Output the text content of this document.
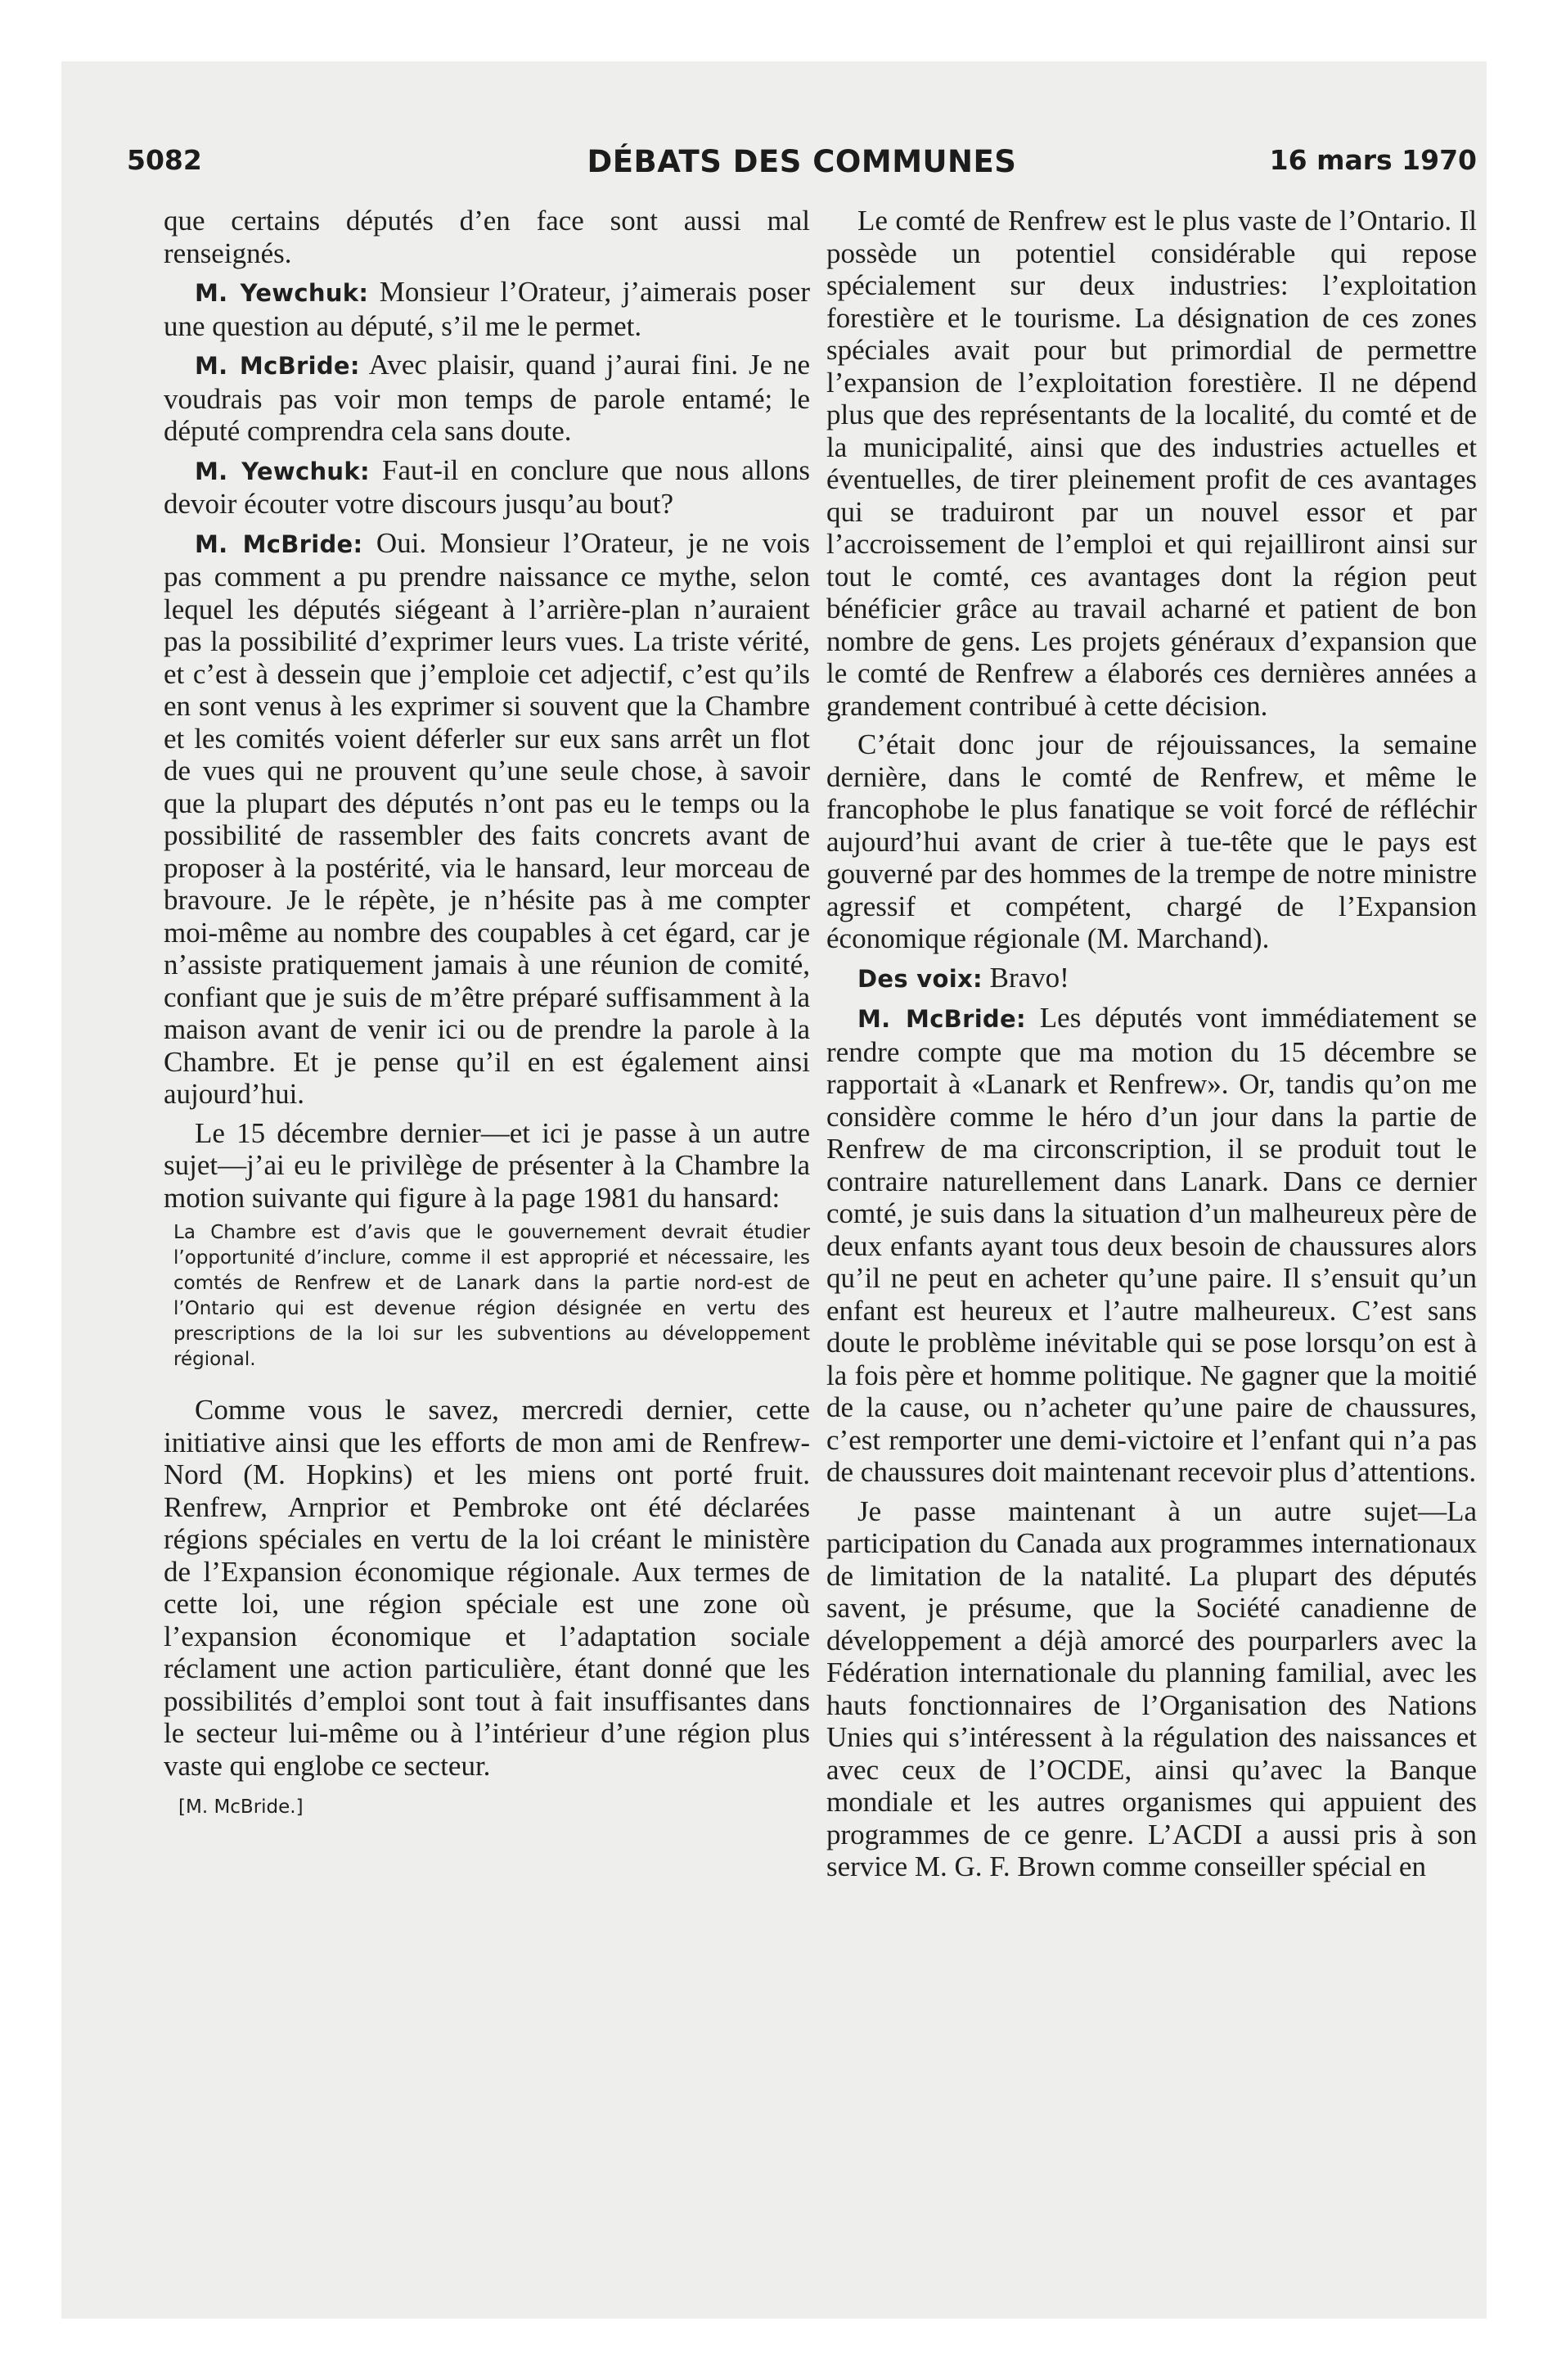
5082	DÉBATS DES COMMUNES	16 mars 1970

que certains députés d’en face sont aussi mal renseignés.

M. Yewchuk: Monsieur l’Orateur, j’aimerais poser une question au député, s’il me le permet.

M. McBride: Avec plaisir, quand j’aurai fini. Je ne voudrais pas voir mon temps de parole entamé; le député comprendra cela sans doute.

M. Yewchuk: Faut-il en conclure que nous allons devoir écouter votre discours jusqu’au bout?

M. McBride: Oui. Monsieur l’Orateur, je ne vois pas comment a pu prendre naissance ce mythe, selon lequel les députés siégeant à l’arrière-plan n’auraient pas la possibilité d’exprimer leurs vues. La triste vérité, et c’est à dessein que j’emploie cet adjectif, c’est qu’ils en sont venus à les exprimer si souvent que la Chambre et les comités voient déferler sur eux sans arrêt un flot de vues qui ne prouvent qu’une seule chose, à savoir que la plupart des députés n’ont pas eu le temps ou la possibilité de rassembler des faits concrets avant de proposer à la postérité, via le hansard, leur morceau de bravoure. Je le répète, je n’hésite pas à me compter moi-même au nombre des coupables à cet égard, car je n’assiste pratiquement jamais à une réunion de comité, confiant que je suis de m’être préparé suffisamment à la maison avant de venir ici ou de prendre la parole à la Chambre. Et je pense qu’il en est également ainsi aujourd’hui.

Le 15 décembre dernier—et ici je passe à un autre sujet—j’ai eu le privilège de présenter à la Chambre la motion suivante qui figure à la page 1981 du hansard:

La Chambre est d’avis que le gouvernement devrait étudier l’opportunité d’inclure, comme il est approprié et nécessaire, les comtés de Renfrew et de Lanark dans la partie nord-est de l’Ontario qui est devenue région désignée en vertu des prescriptions de la loi sur les subventions au développement régional.

Comme vous le savez, mercredi dernier, cette initiative ainsi que les efforts de mon ami de Renfrew-Nord (M. Hopkins) et les miens ont porté fruit. Renfrew, Arnprior et Pembroke ont été déclarées régions spéciales en vertu de la loi créant le ministère de l’Expansion économique régionale. Aux termes de cette loi, une région spéciale est une zone où l’expansion économique et l’adaptation sociale réclament une action particulière, étant donné que les possibilités d’emploi sont tout à fait insuffisantes dans le secteur lui-même ou à l’intérieur d’une région plus vaste qui englobe ce secteur.

[M. McBride.]

Le comté de Renfrew est le plus vaste de l’Ontario. Il possède un potentiel considérable qui repose spécialement sur deux industries: l’exploitation forestière et le tourisme. La désignation de ces zones spéciales avait pour but primordial de permettre l’expansion de l’exploitation forestière. Il ne dépend plus que des représentants de la localité, du comté et de la municipalité, ainsi que des industries actuelles et éventuelles, de tirer pleinement profit de ces avantages qui se traduiront par un nouvel essor et par l’accroissement de l’emploi et qui rejailliront ainsi sur tout le comté, ces avantages dont la région peut bénéficier grâce au travail acharné et patient de bon nombre de gens. Les projets généraux d’expansion que le comté de Renfrew a élaborés ces dernières années a grandement contribué à cette décision.

C’était donc jour de réjouissances, la semaine dernière, dans le comté de Renfrew, et même le francophobe le plus fanatique se voit forcé de réfléchir aujourd’hui avant de crier à tue-tête que le pays est gouverné par des hommes de la trempe de notre ministre agressif et compétent, chargé de l’Expansion économique régionale (M. Marchand).

Des voix: Bravo!

M. McBride: Les députés vont immédiatement se rendre compte que ma motion du 15 décembre se rapportait à «Lanark et Renfrew». Or, tandis qu’on me considère comme le héro d’un jour dans la partie de Renfrew de ma circonscription, il se produit tout le contraire naturellement dans Lanark. Dans ce dernier comté, je suis dans la situation d’un malheureux père de deux enfants ayant tous deux besoin de chaussures alors qu’il ne peut en acheter qu’une paire. Il s’ensuit qu’un enfant est heureux et l’autre malheureux. C’est sans doute le problème inévitable qui se pose lorsqu’on est à la fois père et homme politique. Ne gagner que la moitié de la cause, ou n’acheter qu’une paire de chaussures, c’est remporter une demi-victoire et l’enfant qui n’a pas de chaussures doit maintenant recevoir plus d’attentions.

Je passe maintenant à un autre sujet—La participation du Canada aux programmes internationaux de limitation de la natalité. La plupart des députés savent, je présume, que la Société canadienne de développement a déjà amorcé des pourparlers avec la Fédération internationale du planning familial, avec les hauts fonctionnaires de l’Organisation des Nations Unies qui s’intéressent à la régulation des naissances et avec ceux de l’OCDE, ainsi qu’avec la Banque mondiale et les autres organismes qui appuient des programmes de ce genre. L’ACDI a aussi pris à son service M. G. F. Brown comme conseiller spécial en
